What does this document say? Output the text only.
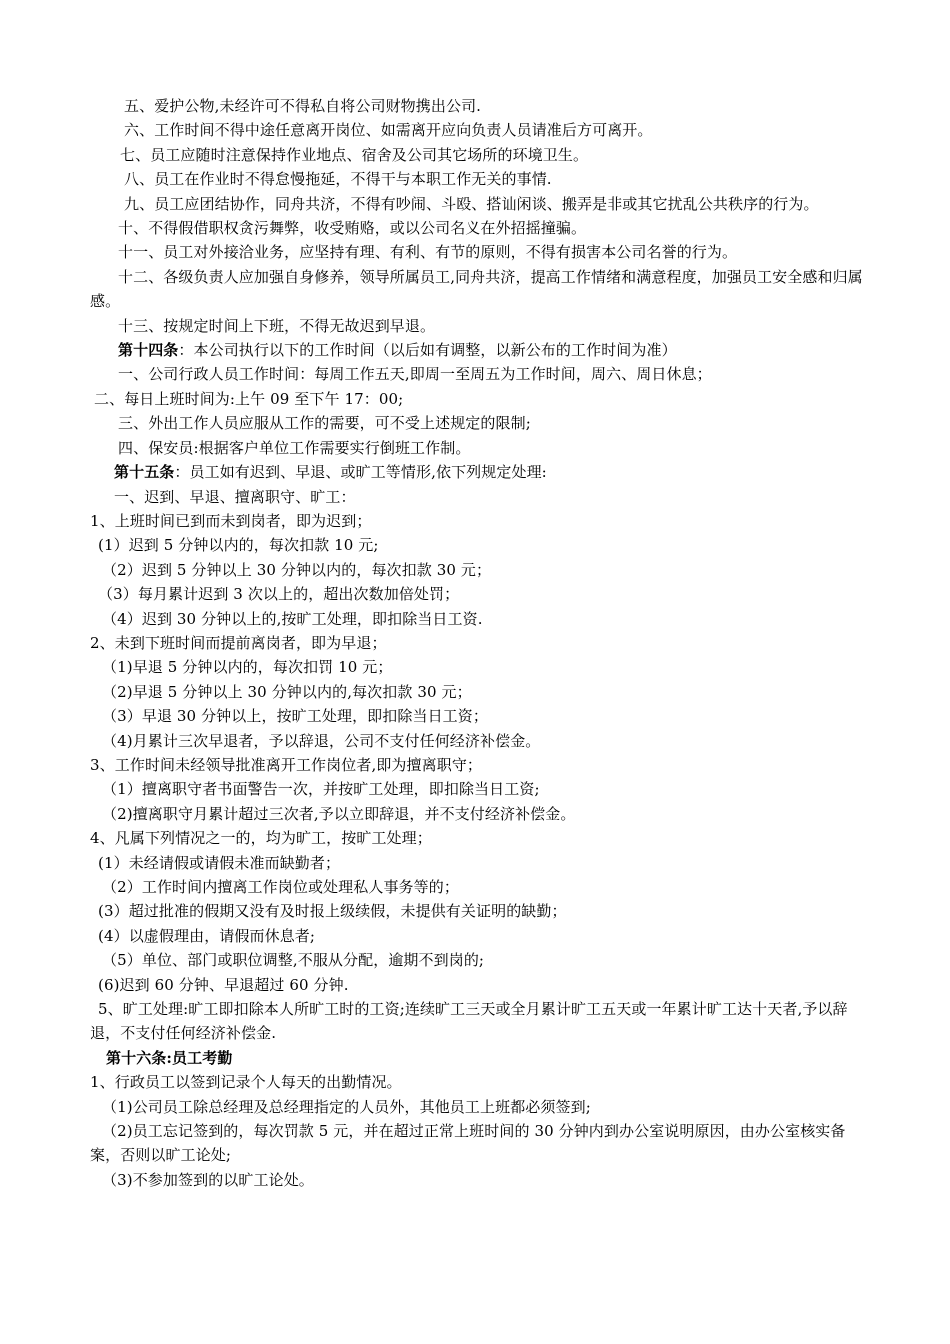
五、爱护公物,未经许可不得私自将公司财物携出公司.
六、工作时间不得中途任意离开岗位、如需离开应向负责人员请准后方可离开。
七、员工应随时注意保持作业地点、宿舍及公司其它场所的环境卫生。
八、员工在作业时不得怠慢拖延，不得干与本职工作无关的事情.
九、员工应团结协作，同舟共济，不得有吵闹、斗殴、搭讪闲谈、搬弄是非或其它扰乱公共秩序的行为。
十、不得假借职权贪污舞弊，收受贿赂，或以公司名义在外招摇撞骗。
十一、员工对外接洽业务，应坚持有理、有利、有节的原则，不得有损害本公司名誉的行为。
十二、各级负责人应加强自身修养，领导所属员工,同舟共济，提高工作情绪和满意程度，加强员工安全感和归属感。
十三、按规定时间上下班，不得无故迟到早退。
第十四条：本公司执行以下的工作时间（以后如有调整，以新公布的工作时间为准）
一、公司行政人员工作时间：每周工作五天,即周一至周五为工作时间，周六、周日休息；
二、每日上班时间为:上午 09 至下午 17：00;
三、外出工作人员应服从工作的需要，可不受上述规定的限制;
四、保安员:根据客户单位工作需要实行倒班工作制。
第十五条：员工如有迟到、早退、或旷工等情形,依下列规定处理:
一、迟到、早退、擅离职守、旷工：
1、上班时间已到而未到岗者，即为迟到；
(1）迟到 5 分钟以内的，每次扣款 10 元;
（2）迟到 5 分钟以上 30 分钟以内的，每次扣款 30 元；
（3）每月累计迟到 3 次以上的，超出次数加倍处罚；
（4）迟到 30 分钟以上的,按旷工处理，即扣除当日工资.
2、未到下班时间而提前离岗者，即为早退；
（1)早退 5 分钟以内的，每次扣罚 10 元；
（2)早退 5 分钟以上 30 分钟以内的,每次扣款 30 元；
（3）早退 30 分钟以上，按旷工处理，即扣除当日工资；
（4)月累计三次早退者，予以辞退，公司不支付任何经济补偿金。
3、工作时间未经领导批准离开工作岗位者,即为擅离职守；
（1）擅离职守者书面警告一次，并按旷工处理，即扣除当日工资;
（2)擅离职守月累计超过三次者,予以立即辞退，并不支付经济补偿金。
4、凡属下列情况之一的，均为旷工，按旷工处理；
(1）未经请假或请假未准而缺勤者；
（2）工作时间内擅离工作岗位或处理私人事务等的；
(3）超过批准的假期又没有及时报上级续假，未提供有关证明的缺勤；
(4）以虚假理由，请假而休息者;
（5）单位、部门或职位调整,不服从分配，逾期不到岗的;
(6)迟到 60 分钟、早退超过 60 分钟.
5、旷工处理:旷工即扣除本人所旷工时的工资;连续旷工三天或全月累计旷工五天或一年累计旷工达十天者,予以辞退，不支付任何经济补偿金.
第十六条:员工考勤
1、行政员工以签到记录个人每天的出勤情况。
（1)公司员工除总经理及总经理指定的人员外，其他员工上班都必须签到;
（2)员工忘记签到的，每次罚款 5 元，并在超过正常上班时间的 30 分钟内到办公室说明原因，由办公室核实备案，否则以旷工论处;
（3)不参加签到的以旷工论处。
